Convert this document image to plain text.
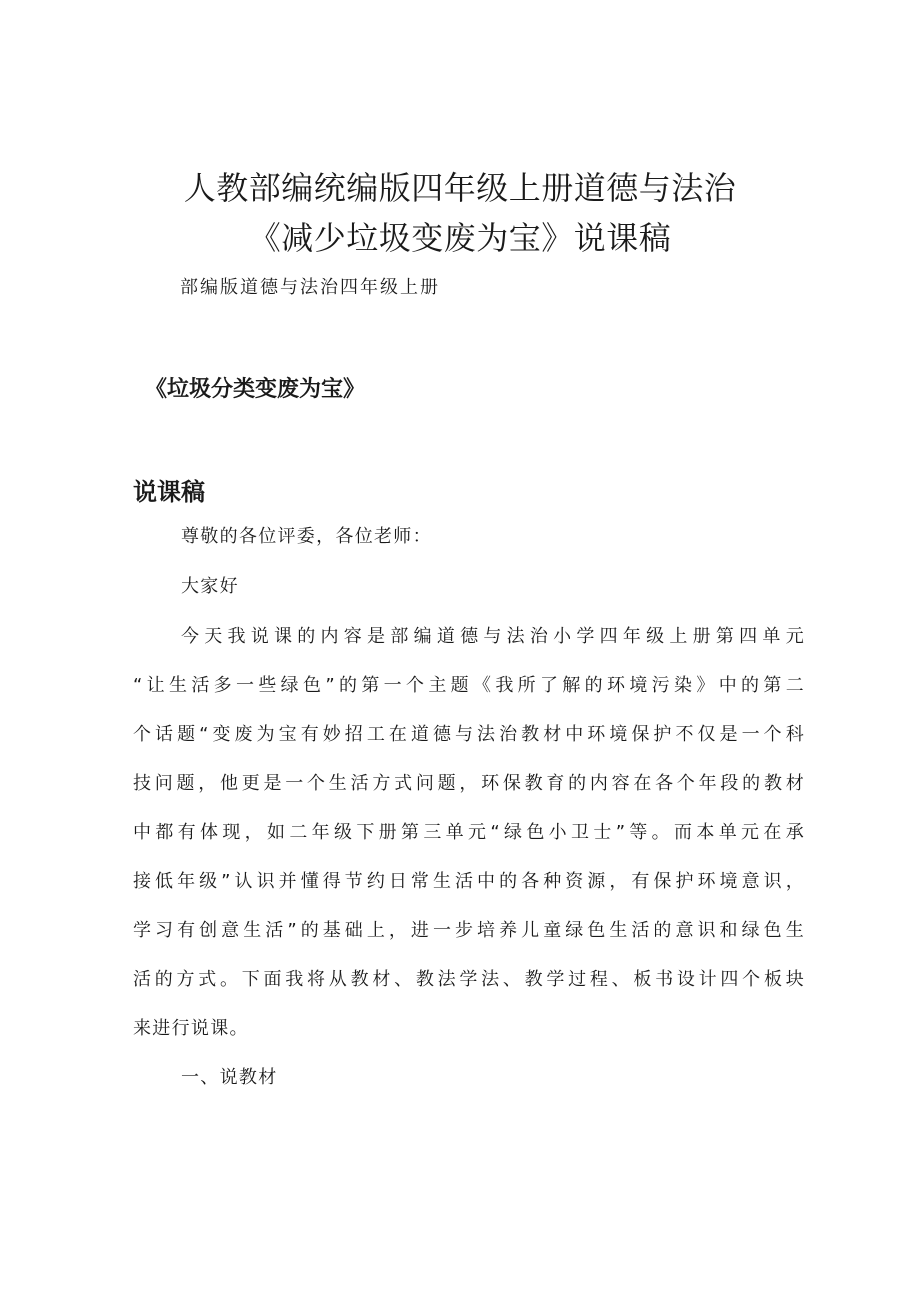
人教部编统编版四年级上册道德与法治
《减少垃圾变废为宝》说课稿
部编版道德与法治四年级上册
《垃圾分类变废为宝》
说课稿
尊敬的各位评委，各位老师：
大家好
今天我说课的内容是部编道德与法治小学四年级上册第四单元
“让生活多一些绿色”的第一个主题《我所了解的环境污染》中的第二
个话题“变废为宝有妙招工在道德与法治教材中环境保护不仅是一个科
技问题，他更是一个生活方式问题，环保教育的内容在各个年段的教材
中都有体现，如二年级下册第三单元“绿色小卫士”等。而本单元在承
接低年级”认识并懂得节约日常生活中的各种资源，有保护环境意识，
学习有创意生活”的基础上，进一步培养儿童绿色生活的意识和绿色生
活的方式。下面我将从教材、教法学法、教学过程、板书设计四个板块
来进行说课。
一、说教材
